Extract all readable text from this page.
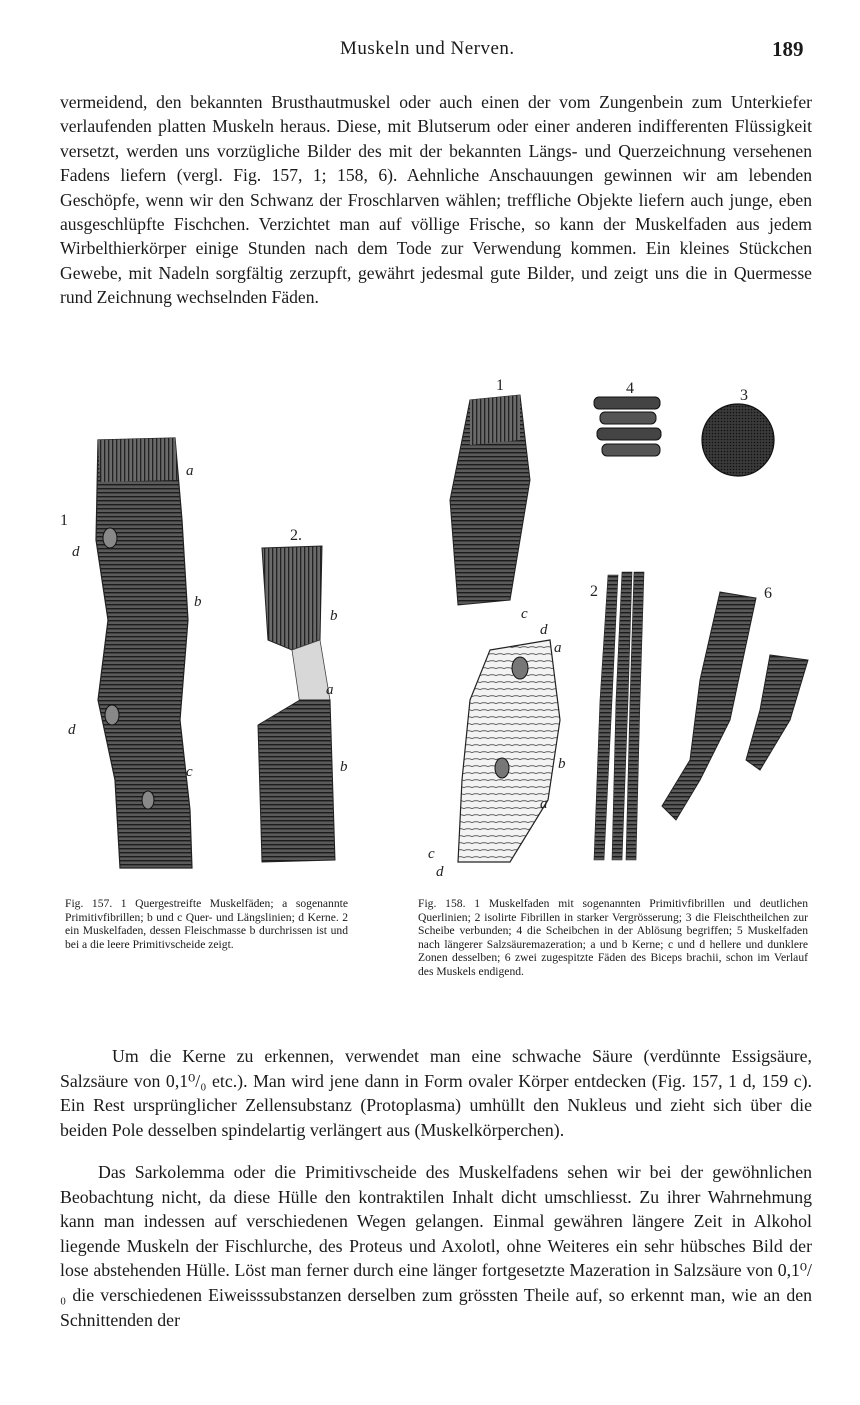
Muskeln und Nerven.	189

vermeidend, den bekannten Brusthautmuskel oder auch einen der vom Zungenbein zum Unterkiefer verlaufenden platten Muskeln heraus. Diese, mit Blutserum oder einer anderen indifferenten Flüssigkeit versetzt, werden uns vorzügliche Bilder des mit der bekannten Längs- und Querzeichnung versehenen Fadens liefern (vergl. Fig. 157, 1; 158, 6). Aehnliche Anschauungen gewinnen wir am lebenden Geschöpfe, wenn wir den Schwanz der Froschlarven wählen; treffliche Objekte liefern auch junge, eben ausgeschlüpfte Fischchen. Verzichtet man auf völlige Frische, so kann der Muskelfaden aus jedem Wirbelthierkörper einige Stunden nach dem Tode zur Verwendung kommen. Ein kleines Stückchen Gewebe, mit Nadeln sorgfältig zerzupft, gewährt jedesmal gute Bilder, und zeigt uns die in Quermesse rund Zeichnung wechselnden Fäden.

a
1
d
b
d
c
2.
b
a
b
1	4	3
2	6
c
d
a
b
a
c
d

Fig. 157. 1 Quergestreifte Muskelfäden; a sogenannte Primitivfibrillen; b und c Quer- und Längslinien; d Kerne. 2 ein Muskelfaden, dessen Fleischmasse b durchrissen ist und bei a die leere Primitivscheide zeigt.

Fig. 158. 1 Muskelfaden mit sogenannten Primitivfibrillen und deutlichen Querlinien; 2 isolirte Fibrillen in starker Vergrösserung; 3 die Fleischtheilchen zur Scheibe verbunden; 4 die Scheibchen in der Ablösung begriffen; 5 Muskelfaden nach längerer Salzsäuremazeration; a und b Kerne; c und d hellere und dunklere Zonen desselben; 6 zwei zugespitzte Fäden des Biceps brachii, schon im Verlauf des Muskels endigend.

Um die Kerne zu erkennen, verwendet man eine schwache Säure (verdünnte Essigsäure, Salzsäure von 0,1⁰/₀ etc.). Man wird jene dann in Form ovaler Körper entdecken (Fig. 157, 1 d, 159 c). Ein Rest ursprünglicher Zellensubstanz (Protoplasma) umhüllt den Nukleus und zieht sich über die beiden Pole desselben spindelartig verlängert aus (Muskelkörperchen).

Das Sarkolemma oder die Primitivscheide des Muskelfadens sehen wir bei der gewöhnlichen Beobachtung nicht, da diese Hülle den kontraktilen Inhalt dicht umschliesst. Zu ihrer Wahrnehmung kann man indessen auf verschiedenen Wegen gelangen. Einmal gewähren längere Zeit in Alkohol liegende Muskeln der Fischlurche, des Proteus und Axolotl, ohne Weiteres ein sehr hübsches Bild der lose abstehenden Hülle. Löst man ferner durch eine länger fortgesetzte Mazeration in Salzsäure von 0,1⁰/₀ die verschiedenen Eiweisssubstanzen derselben zum grössten Theile auf, so erkennt man, wie an den Schnittenden der
